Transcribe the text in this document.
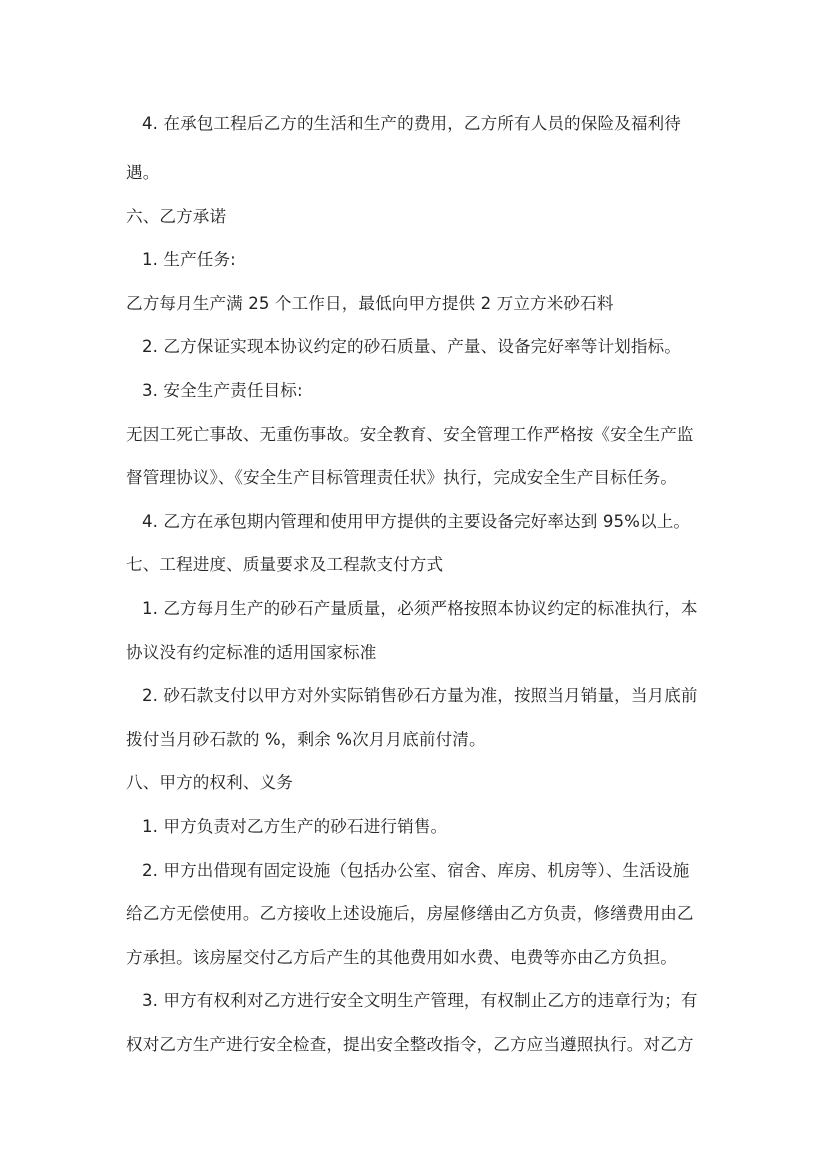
4. 在承包工程后乙方的生活和生产的费用，乙方所有人员的保险及福利待
遇。
六、乙方承诺
1. 生产任务:
乙方每月生产满 25 个工作日，最低向甲方提供 2 万立方米砂石料
2. 乙方保证实现本协议约定的砂石质量、产量、设备完好率等计划指标。
3. 安全生产责任目标:
无因工死亡事故、无重伤事故。安全教育、安全管理工作严格按《安全生产监
督管理协议》、《安全生产目标管理责任状》执行，完成安全生产目标任务。
4. 乙方在承包期内管理和使用甲方提供的主要设备完好率达到 95%以上。
七、工程进度、质量要求及工程款支付方式
1. 乙方每月生产的砂石产量质量，必须严格按照本协议约定的标准执行，本
协议没有约定标准的适用国家标准
2. 砂石款支付以甲方对外实际销售砂石方量为准，按照当月销量，当月底前
拨付当月砂石款的 %，剩余 %次月月底前付清。
八、甲方的权利、义务
1. 甲方负责对乙方生产的砂石进行销售。
2. 甲方出借现有固定设施（包括办公室、宿舍、库房、机房等）、生活设施
给乙方无偿使用。乙方接收上述设施后，房屋修缮由乙方负责，修缮费用由乙
方承担。该房屋交付乙方后产生的其他费用如水费、电费等亦由乙方负担。
3. 甲方有权利对乙方进行安全文明生产管理，有权制止乙方的违章行为；有
权对乙方生产进行安全检查，提出安全整改指令，乙方应当遵照执行。对乙方
